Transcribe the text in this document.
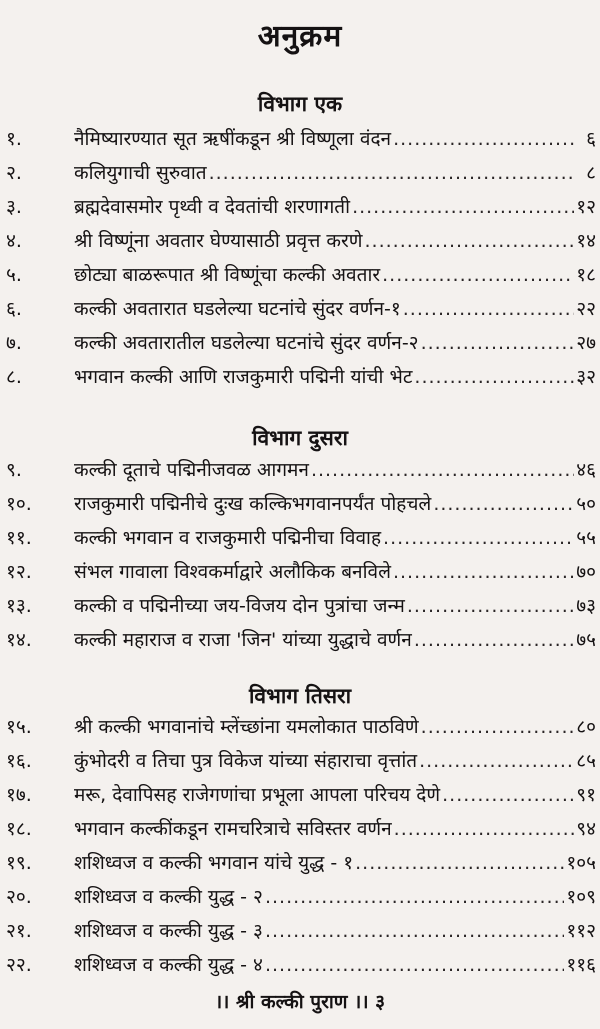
अनुक्रम
विभाग एक
१.	नैमिष्यारण्यात सूत ऋषींकडून श्री विष्णूला वंदन .....	६
२.	कलियुगाची सुरुवात .....	८
३.	ब्रह्मदेवासमोर पृथ्वी व देवतांची शरणागती .....	१२
४.	श्री विष्णूंना अवतार घेण्यासाठी प्रवृत्त करणे .....	१४
५.	छोट्या बाळरूपात श्री विष्णूंचा कल्की अवतार .....	१८
६.	कल्की अवतारात घडलेल्या घटनांचे सुंदर वर्णन-१ .....	२२
७.	कल्की अवतारातील घडलेल्या घटनांचे सुंदर वर्णन-२ .....	२७
८.	भगवान कल्की आणि राजकुमारी पद्मिनी यांची भेट .....	३२
विभाग दुसरा
९.	कल्की दूताचे पद्मिनीजवळ आगमन .....	४६
१०.	राजकुमारी पद्मिनीचे दुःख कल्किभगवानपर्यंत पोहचले .....	५०
११.	कल्की भगवान व राजकुमारी पद्मिनीचा विवाह .....	५५
१२.	संभल गावाला विश्वकर्माद्वारे अलौकिक बनविले .....	७०
१३.	कल्की व पद्मिनीच्या जय-विजय दोन पुत्रांचा जन्म .....	७३
१४.	कल्की महाराज व राजा 'जिन' यांच्या युद्धाचे वर्णन .....	७५
विभाग तिसरा
१५.	श्री कल्की भगवानांचे म्लेंच्छांना यमलोकात पाठविणे .....	८०
१६.	कुंभोदरी व तिचा पुत्र विकेज यांच्या संहाराचा वृत्तांत .....	८५
१७.	मरू, देवापिसह राजेगणांचा प्रभूला आपला परिचय देणे .....	९१
१८.	भगवान कल्कींकडून रामचरित्राचे सविस्तर वर्णन .....	९४
१९.	शशिध्वज व कल्की भगवान यांचे युद्ध - १ .....	१०५
२०.	शशिध्वज व कल्की युद्ध - २ .....	१०९
२१.	शशिध्वज व कल्की युद्ध - ३ .....	११२
२२.	शशिध्वज व कल्की युद्ध - ४ .....	११६
।। श्री कल्की पुराण ।। ३
